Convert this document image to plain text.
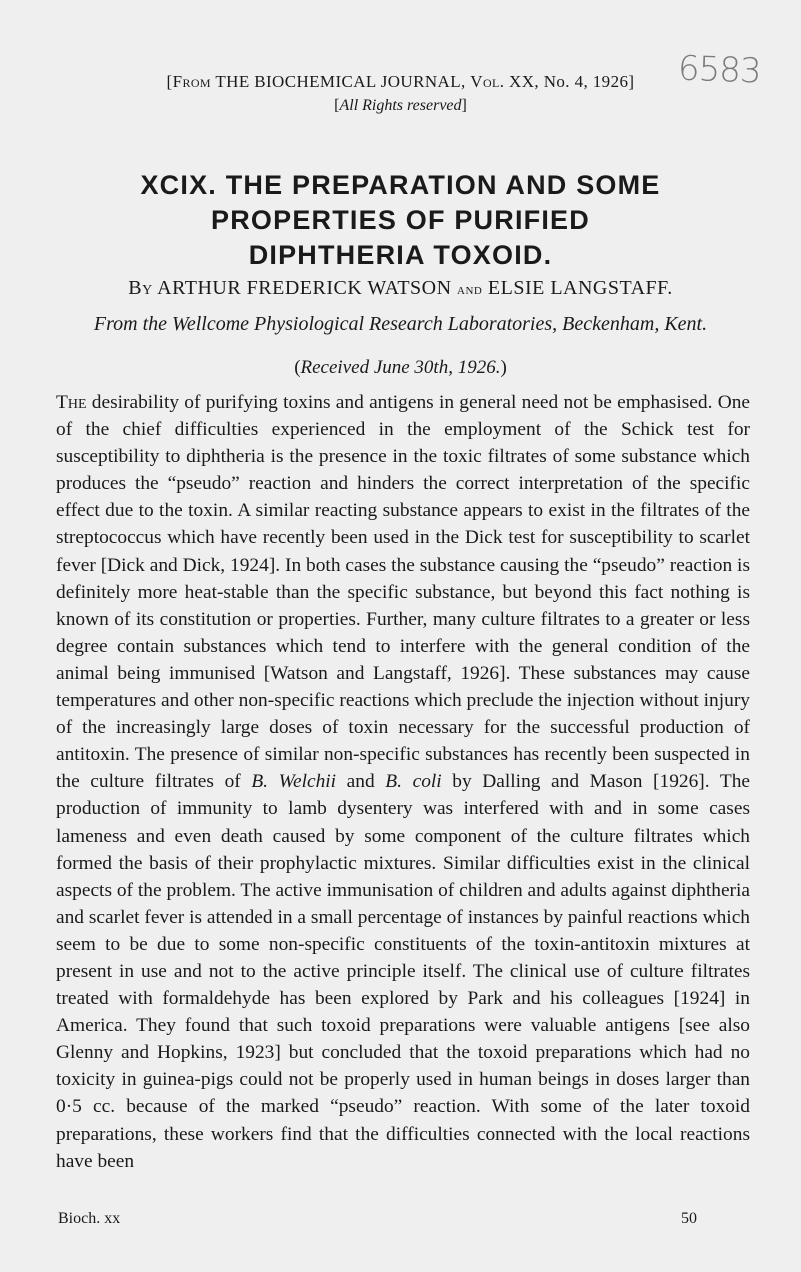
[From THE BIOCHEMICAL JOURNAL, Vol. XX, No. 4, 1926]
[All Rights reserved]
6583
XCIX. THE PREPARATION AND SOME
PROPERTIES OF PURIFIED
DIPHTHERIA TOXOID.
By ARTHUR FREDERICK WATSON and ELSIE LANGSTAFF.
From the Wellcome Physiological Research Laboratories, Beckenham, Kent.
(Received June 30th, 1926.)
The desirability of purifying toxins and antigens in general need not be emphasised. One of the chief difficulties experienced in the employment of the Schick test for susceptibility to diphtheria is the presence in the toxic filtrates of some substance which produces the “pseudo” reaction and hinders the correct interpretation of the specific effect due to the toxin. A similar reacting substance appears to exist in the filtrates of the streptococcus which have recently been used in the Dick test for susceptibility to scarlet fever [Dick and Dick, 1924]. In both cases the substance causing the “pseudo” reaction is definitely more heat-stable than the specific substance, but beyond this fact nothing is known of its constitution or properties. Further, many culture filtrates to a greater or less degree contain substances which tend to interfere with the general condition of the animal being immunised [Watson and Langstaff, 1926]. These substances may cause temperatures and other non-specific reactions which preclude the injection without injury of the increasingly large doses of toxin necessary for the successful production of antitoxin. The presence of similar non-specific substances has recently been suspected in the culture filtrates of B. Welchii and B. coli by Dalling and Mason [1926]. The production of immunity to lamb dysentery was interfered with and in some cases lameness and even death caused by some component of the culture filtrates which formed the basis of their prophylactic mixtures. Similar difficulties exist in the clinical aspects of the problem. The active immunisation of children and adults against diphtheria and scarlet fever is attended in a small percentage of instances by painful reactions which seem to be due to some non-specific constituents of the toxin-antitoxin mixtures at present in use and not to the active principle itself. The clinical use of culture filtrates treated with formaldehyde has been explored by Park and his colleagues [1924] in America. They found that such toxoid preparations were valuable antigens [see also Glenny and Hopkins, 1923] but concluded that the toxoid preparations which had no toxicity in guinea-pigs could not be properly used in human beings in doses larger than 0·5 cc. because of the marked “pseudo” reaction. With some of the later toxoid preparations, these workers find that the difficulties connected with the local reactions have been
Bioch. xx	50
